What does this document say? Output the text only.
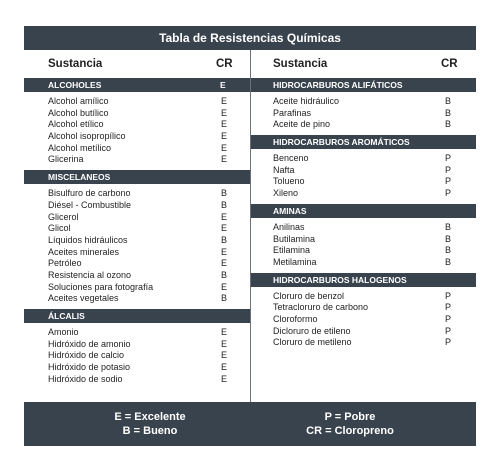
Tabla de Resistencias Químicas
Sustancia	CR
ALCOHOLES	E
Alcohol amílico	E
Alcohol butílico	E
Alcohol etílico	E
Alcohol isopropílico	E
Alcohol metílico	E
Glicerina	E
MISCELANEOS
Bisulfuro de carbono	B
Diésel - Combustible	B
Glicerol	E
Glicol	E
Líquidos hidráulicos	B
Aceites minerales	E
Petróleo	E
Resistencia al ozono	B
Soluciones para fotografía	E
Aceites vegetales	B
ÁLCALIS
Amonio	E
Hidróxido de amonio	E
Hidróxido de calcio	E
Hidróxido de potasio	E
Hidróxido de sodio	E
Sustancia	CR
HIDROCARBUROS ALIFÁTICOS
Aceite hidráulico	B
Parafinas	B
Aceite de pino	B
HIDROCARBUROS AROMÁTICOS
Benceno	P
Nafta	P
Tolueno	P
Xileno	P
AMINAS
Anilinas	B
Butilamina	B
Etilamina	B
Metilamina	B
HIDROCARBUROS HALOGENOS
Cloruro de benzol	P
Tetracloruro de carbono	P
Cloroformo	P
Dicloruro de etileno	P
Cloruro de metileno	P
E = Excelente
B = Bueno
P = Pobre
CR = Cloropreno
